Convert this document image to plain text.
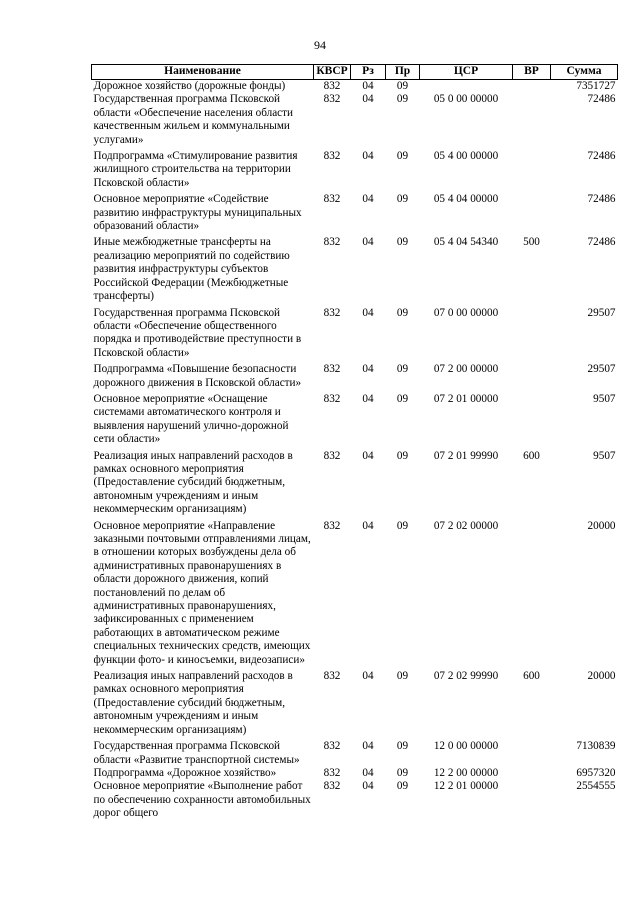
94
Наименование	КВСР	Рз	Пр	ЦСР	ВР	Сумма
Дорожное хозяйство (дорожные фонды)	832	04	09			7351727
Государственная программа Псковской области «Обеспечение населения области качественным жильем и коммунальными услугами»	832	04	09	05 0 00 00000		72486
Подпрограмма «Стимулирование развития жилищного строительства на территории Псковской области»	832	04	09	05 4 00 00000		72486
Основное мероприятие «Содействие развитию инфраструктуры муниципальных образований области»	832	04	09	05 4 04 00000		72486
Иные межбюджетные трансферты на реализацию мероприятий по содействию развития инфраструктуры субъектов Российской Федерации (Межбюджетные трансферты)	832	04	09	05 4 04 54340	500	72486
Государственная программа Псковской области «Обеспечение общественного порядка и противодействие преступности в Псковской области»	832	04	09	07 0 00 00000		29507
Подпрограмма «Повышение безопасности дорожного движения в Псковской области»	832	04	09	07 2 00 00000		29507
Основное мероприятие «Оснащение системами автоматического контроля и выявления нарушений улично-дорожной сети области»	832	04	09	07 2 01 00000		9507
Реализация иных направлений расходов в рамках основного мероприятия (Предоставление субсидий бюджетным, автономным учреждениям и иным некоммерческим организациям)	832	04	09	07 2 01 99990	600	9507
Основное мероприятие «Направление заказными почтовыми отправлениями лицам, в отношении которых возбуждены дела об административных правонарушениях в области дорожного движения, копий постановлений по делам об административных правонарушениях, зафиксированных с применением работающих в автоматическом режиме специальных технических средств, имеющих функции фото- и киносъемки, видеозаписи»	832	04	09	07 2 02 00000		20000
Реализация иных направлений расходов в рамках основного мероприятия (Предоставление субсидий бюджетным, автономным учреждениям и иным некоммерческим организациям)	832	04	09	07 2 02 99990	600	20000
Государственная программа Псковской области «Развитие транспортной системы»	832	04	09	12 0 00 00000		7130839
Подпрограмма «Дорожное хозяйство»	832	04	09	12 2 00 00000		6957320
Основное мероприятие «Выполнение работ по обеспечению сохранности автомобильных дорог общего	832	04	09	12 2 01 00000		2554555
